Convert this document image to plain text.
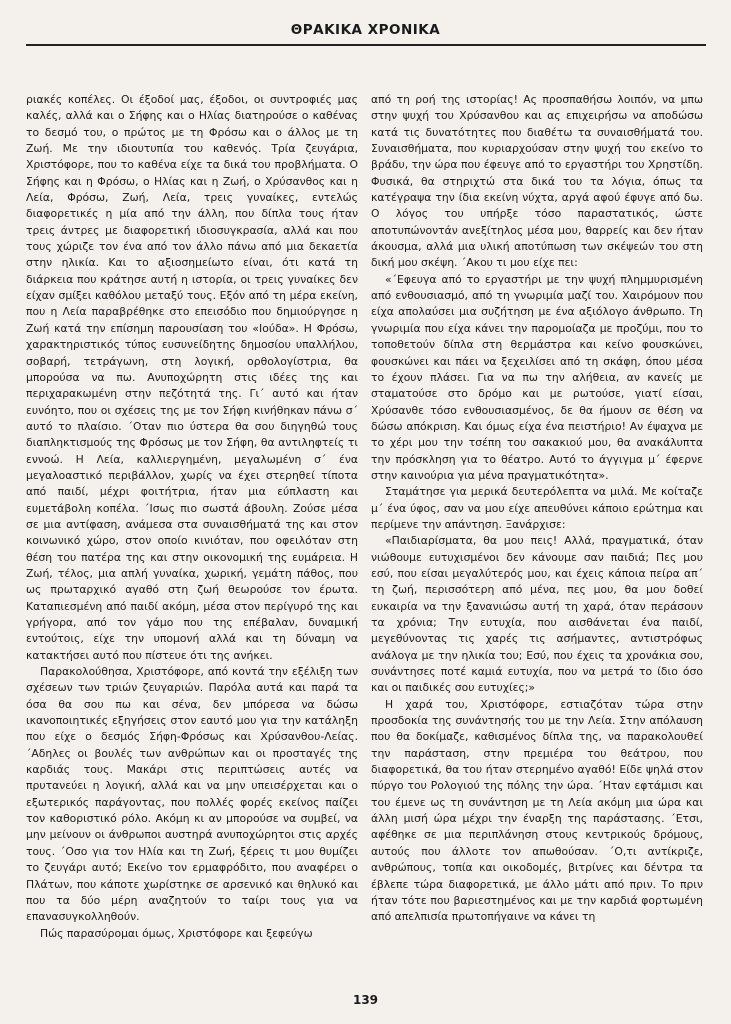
ΘΡΑΚΙΚΑ ΧΡΟΝΙΚΑ

ριακές κοπέλες. Οι έξοδοί μας, έξοδοι, οι συντροφιές μας καλές, αλλά και ο Σήφης και ο Ηλίας διατηρούσε ο καθένας το δεσμό του, ο πρώτος με τη Φρόσω και ο άλλος με τη Ζωή. Με την ιδιουτυπία του καθενός. Τρία ζευγάρια, Χριστόφορε, που το καθένα είχε τα δικά του προβλήματα. Ο Σήφης και η Φρόσω, ο Ηλίας και η Ζωή, ο Χρύσανθος και η Λεία, Φρόσω, Ζωή, Λεία, τρεις γυναίκες, εντελώς διαφορετικές η μία από την άλλη, που δίπλα τους ήταν τρεις άντρες με διαφορετική ιδιοσυγκρασία, αλλά και που τους χώριζε τον ένα από τον άλλο πάνω από μια δεκαετία στην ηλικία. Και το αξιοσημείωτο είναι, ότι κατά τη διάρκεια που κράτησε αυτή η ιστορία, οι τρεις γυναίκες δεν είχαν σμίξει καθόλου μεταξύ τους. Εξόν από τη μέρα εκείνη, που η Λεία παραβρέθηκε στο επεισόδιο που δημιούργησε η Ζωή κατά την επίσημη παρουσίαση του «Ιούδα». Η Φρόσω, χαρακτηριστικός τύπος ευσυνείδητης δημοσίου υπαλλήλου, σοβαρή, τετράγωνη, στη λογική, ορθολογίστρια, θα μπορούσα να πω. Ανυποχώρητη στις ιδέες της και περιχαρακωμένη στην πεζότητά της. Γι΄ αυτό και ήταν ευνόητο, που οι σχέσεις της με τον Σήφη κινήθηκαν πάνω σ΄ αυτό το πλαίσιο. ΄Οταν πιο ύστερα θα σου διηγηθώ τους διαπληκτισμούς της Φρόσως με τον Σήφη, θα αντιληφτείς τι εννοώ. Η Λεία, καλλιεργημένη, μεγαλωμένη σ΄ ένα μεγαλοαστικό περιβάλλον, χωρίς να έχει στερηθεί τίποτα από παιδί, μέχρι φοιτήτρια, ήταν μια εύπλαστη και ευμετάβολη κοπέλα. ΄Ισως πιο σωστά άβουλη. Ζούσε μέσα σε μια αντίφαση, ανάμεσα στα συναισθήματά της και στον κοινωνικό χώρο, στον οποίο κινιόταν, που οφειλόταν στη θέση του πατέρα της και στην οικονομική της ευμάρεια. Η Ζωή, τέλος, μια απλή γυναίκα, χωρική, γεμάτη πάθος, που ως πρωταρχικό αγαθό στη ζωή θεωρούσε τον έρωτα. Καταπιεσμένη από παιδί ακόμη, μέσα στον περίγυρό της και γρήγορα, από τον γάμο που της επέβαλαν, δυναμική εντούτοις, είχε την υπομονή αλλά και τη δύναμη να κατακτήσει αυτό που πίστευε ότι της ανήκει.

Παρακολούθησα, Χριστόφορε, από κοντά την εξέλιξη των σχέσεων των τριών ζευγαριών. Παρόλα αυτά και παρά τα όσα θα σου πω και σένα, δεν μπόρεσα να δώσω ικανοποιητικές εξηγήσεις στον εαυτό μου για την κατάληξη που είχε ο δεσμός Σήφη-Φρόσως και Χρύσανθου-Λείας. ΄Αδηλες οι βουλές των ανθρώπων και οι προσταγές της καρδιάς τους. Μακάρι στις περιπτώσεις αυτές να πρυτανεύει η λογική, αλλά και να μην υπεισέρχεται και ο εξωτερικός παράγοντας, που πολλές φορές εκείνος παίζει τον καθοριστικό ρόλο. Ακόμη κι αν μπορούσε να συμβεί, να μην μείνουν οι άνθρωποι αυστηρά ανυποχώρητοι στις αρχές τους. ΄Οσο για τον Ηλία και τη Ζωή, ξέρεις τι μου θυμίζει το ζευγάρι αυτό; Εκείνο τον ερμαφρόδιτο, που αναφέρει ο Πλάτων, που κάποτε χωρίστηκε σε αρσενικό και θηλυκό και που τα δύο μέρη αναζητούν το ταίρι τους για να επανασυγκολληθούν.

Πώς παρασύρομαι όμως, Χριστόφορε και ξεφεύγω

από τη ροή της ιστορίας! Ας προσπαθήσω λοιπόν, να μπω στην ψυχή του Χρύσανθου και ας επιχειρήσω να αποδώσω κατά τις δυνατότητες που διαθέτω τα συναισθήματά του. Συναισθήματα, που κυριαρχούσαν στην ψυχή του εκείνο το βράδυ, την ώρα που έφευγε από το εργαστήρι του Χρηστίδη. Φυσικά, θα στηριχτώ στα δικά του τα λόγια, όπως τα κατέγραψα την ίδια εκείνη νύχτα, αργά αφού έφυγε από δω. Ο λόγος του υπήρξε τόσο παραστατικός, ώστε αποτυπώνοντάν ανεξίτηλος μέσα μου, θαρρείς και δεν ήταν άκουσμα, αλλά μια υλική αποτύπωση των σκέψεών του στη δική μου σκέψη. ΄Ακου τι μου είχε πει:

«΄Εφευγα από το εργαστήρι με την ψυχή πλημμυρισμένη από ενθουσιασμό, από τη γνωριμία μαζί του. Χαιρόμουν που είχα απολαύσει μια συζήτηση με ένα αξιόλογο άνθρωπο. Τη γνωριμία που είχα κάνει την παρομοίαζα με προζύμι, που το τοποθετούν δίπλα στη θερμάστρα και κείνο φουσκώνει, φουσκώνει και πάει να ξεχειλίσει από τη σκάφη, όπου μέσα το έχουν πλάσει. Για να πω την αλήθεια, αν κανείς με σταματούσε στο δρόμο και με ρωτούσε, γιατί είσαι, Χρύσανθε τόσο ενθουσιασμένος, δε θα ήμουν σε θέση να δώσω απόκριση. Και όμως είχα ένα πειστήριο! Αν έψαχνα με το χέρι μου την τσέπη του σακακιού μου, θα ανακάλυπτα την πρόσκληση για το θέατρο. Αυτό το άγγιγμα μ΄ έφερνε στην καινούρια για μένα πραγματικότητα».

Σταμάτησε για μερικά δευτερόλεπτα να μιλά. Με κοίταζε μ΄ ένα ύφος, σαν να μου είχε απευθύνει κάποιο ερώτημα και περίμενε την απάντηση. Ξανάρχισε:

«Παιδιαρίσματα, θα μου πεις! Αλλά, πραγματικά, όταν νιώθουμε ευτυχισμένοι δεν κάνουμε σαν παιδιά; Πες μου εσύ, που είσαι μεγαλύτερός μου, και έχεις κάποια πείρα απ΄ τη ζωή, περισσότερη από μένα, πες μου, θα μου δοθεί ευκαιρία να την ξανανιώσω αυτή τη χαρά, όταν περάσουν τα χρόνια; Την ευτυχία, που αισθάνεται ένα παιδί, μεγεθύνοντας τις χαρές τις ασήμαντες, αντιστρόφως ανάλογα με την ηλικία του; Εσύ, που έχεις τα χρονάκια σου, συνάντησες ποτέ καμιά ευτυχία, που να μετρά το ίδιο όσο και οι παιδικές σου ευτυχίες;»

Η χαρά του, Χριστόφορε, εστιαζόταν τώρα στην προσδοκία της συνάντησής του με την Λεία. Στην απόλαυση που θα δοκίμαζε, καθισμένος δίπλα της, να παρακολουθεί την παράσταση, στην πρεμιέρα του θεάτρου, που διαφορετικά, θα του ήταν στερημένο αγαθό! Είδε ψηλά στον πύργο του Ρολογιού της πόλης την ώρα. ΄Ηταν εφτάμισι και του έμενε ως τη συνάντηση με τη Λεία ακόμη μια ώρα και άλλη μισή ώρα μέχρι την έναρξη της παράστασης. ΄Ετσι, αφέθηκε σε μια περιπλάνηση στους κεντρικούς δρόμους, αυτούς που άλλοτε τον απωθούσαν. ΄Ο,τι αντίκριζε, ανθρώπους, τοπία και οικοδομές, βιτρίνες και δέντρα τα έβλεπε τώρα διαφορετικά, με άλλο μάτι από πριν. Το πριν ήταν τότε που βαριεστημένος και με την καρδιά φορτωμένη από απελπισία πρωτοπήγαινε να κάνει τη

139
